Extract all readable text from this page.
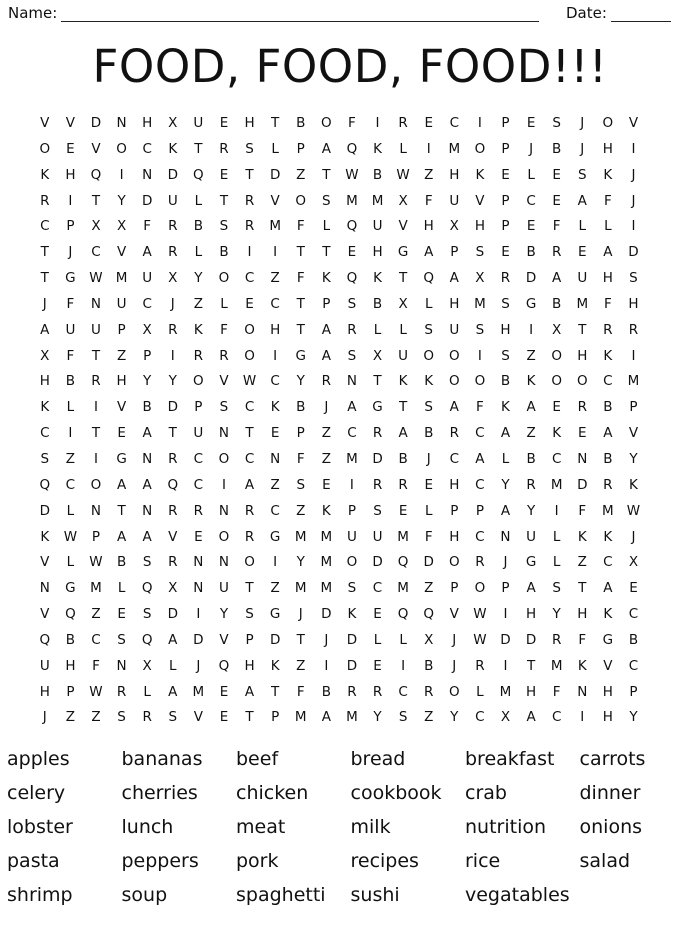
Name:	Date:
FOOD, FOOD, FOOD!!!
V	V	D	N	H	X	U	E	H	T	B	O	F	I	R	E	C	I	P	E	S	J	O	V
O	E	V	O	C	K	T	R	S	L	P	A	Q	K	L	I	M	O	P	J	B	J	H	I
K	H	Q	I	N	D	Q	E	T	D	Z	T	W	B	W	Z	H	K	E	L	E	S	K	J
R	I	T	Y	D	U	L	T	R	V	O	S	M	M	X	F	U	V	P	C	E	A	F	J
C	P	X	X	F	R	B	S	R	M	F	L	Q	U	V	H	X	H	P	E	F	L	L	I
T	J	C	V	A	R	L	B	I	I	T	T	E	H	G	A	P	S	E	B	R	E	A	D
T	G	W M	U	X	Y	O	C	Z	F	K	Q	K	T	Q	A	X	R	D	A	U	H	S
J	F	N	U	C	J	Z	L	E	C	T	P	S	B	X	L	H	M	S	G	B	M	F	H
A	U	U	P	X	R	K	F	O	H	T	A	R	L	L	S	U	S	H	I	X	T	R	R
X	F	T	Z	P	I	R	R	O	I	G	A	S	X	U	O	O	I	S	Z	O	H	K	I
H	B	R	H	Y	Y	O	V	W	C	Y	R	N	T	K	K	O	O	B	K	O	O	C	M
K	L	I	V	B	D	P	S	C	K	B	J	A	G	T	S	A	F	K	A	E	R	B	P
C	I	T	E	A	T	U	N	T	E	P	Z	C	R	A	B	R	C	A	Z	K	E	A	V
S	Z	I	G	N	R	C	O	C	N	F	Z	M	D	B	J	C	A	L	B	C	N	B	Y
Q	C	O	A	A	Q	C	I	A	Z	S	E	I	R	R	E	H	C	Y	R	M	D	R	K
D	L	N	T	N	R	R	N	R	C	Z	K	P	S	E	L	P	P	A	Y	I	F	M W
K	W	P	A	A	V	E	O	R	G	M	M	U	U	M	F	H	C	N	U	L	K	K	J
V	L	W	B	S	R	N	N	O	I	Y	M	O	D	Q	D	O	R	J	G	L	Z	C	X
N	G	M	L	Q	X	N	U	T	Z	M	M	S	C	M	Z	P	O	P	A	S	T	A	E
V	Q	Z	E	S	D	I	Y	S	G	J	D	K	E	Q	Q	V	W	I	H	Y	H	K	C
Q	B	C	S	Q	A	D	V	P	D	T	J	D	L	L	X	J	W	D	D	R	F	G	B
U	H	F	N	X	L	J	Q	H	K	Z	I	D	E	I	B	J	R	I	T	M	K	V	C
H	P	W	R	L	A	M	E	A	T	F	B	R	R	C	R	O	L	M	H	F	N	H	P
J	Z	Z	S	R	S	V	E	T	P	M	A	M	Y	S	Z	Y	C	X	A	C	I	H	Y
apples	bananas	beef	bread	breakfast	carrots
celery	cherries	chicken	cookbook	crab	dinner
lobster	lunch	meat	milk	nutrition	onions
pasta	peppers	pork	recipes	rice	salad
shrimp	soup	spaghetti	sushi	vegatables
